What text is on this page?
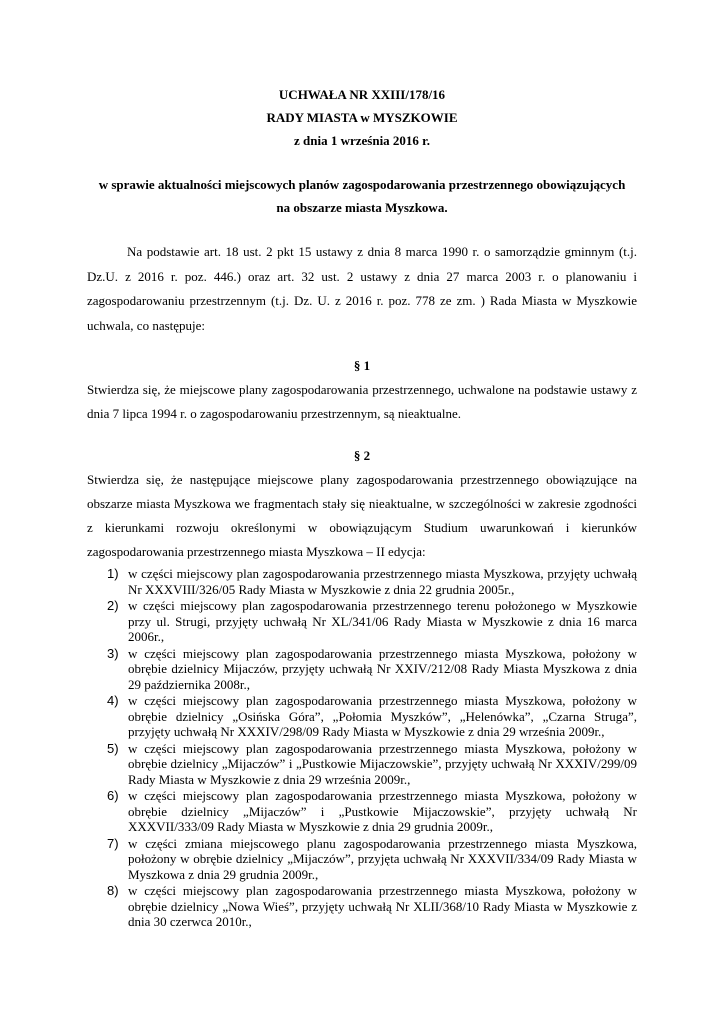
UCHWAŁA NR XXIII/178/16
RADY MIASTA w MYSZKOWIE
z dnia 1 września 2016 r.
w sprawie aktualności miejscowych planów zagospodarowania przestrzennego obowiązujących
na obszarze miasta Myszkowa.
Na podstawie art. 18 ust. 2 pkt 15 ustawy z dnia 8 marca 1990 r. o samorządzie gminnym (t.j. Dz.U. z 2016 r. poz. 446.) oraz art. 32 ust. 2 ustawy z dnia 27 marca 2003 r. o planowaniu i zagospodarowaniu przestrzennym (t.j. Dz. U. z 2016 r. poz. 778 ze zm. ) Rada Miasta w Myszkowie uchwala, co następuje:
§ 1
Stwierdza się, że miejscowe plany zagospodarowania przestrzennego, uchwalone na podstawie ustawy z dnia 7 lipca 1994 r. o zagospodarowaniu przestrzennym, są nieaktualne.
§ 2
Stwierdza się, że następujące miejscowe plany zagospodarowania przestrzennego obowiązujące na obszarze miasta Myszkowa we fragmentach stały się nieaktualne, w szczególności w zakresie zgodności z kierunkami rozwoju określonymi w obowiązującym Studium uwarunkowań i kierunków zagospodarowania przestrzennego miasta Myszkowa – II edycja:
1) w części miejscowy plan zagospodarowania przestrzennego miasta Myszkowa, przyjęty uchwałą Nr XXXVIII/326/05 Rady Miasta w Myszkowie z dnia 22 grudnia 2005r.,
2) w części miejscowy plan zagospodarowania przestrzennego terenu położonego w Myszkowie przy ul. Strugi, przyjęty uchwałą Nr XL/341/06 Rady Miasta w Myszkowie z dnia 16 marca 2006r.,
3) w części miejscowy plan zagospodarowania przestrzennego miasta Myszkowa, położony w obrębie dzielnicy Mijaczów, przyjęty uchwałą Nr XXIV/212/08 Rady Miasta Myszkowa z dnia 29 października 2008r.,
4) w części miejscowy plan zagospodarowania przestrzennego miasta Myszkowa, położony w obrębie dzielnicy „Osińska Góra”, „Połomia Myszków”, „Helenówka”, „Czarna Struga”, przyjęty uchwałą Nr XXXIV/298/09 Rady Miasta w Myszkowie z dnia 29 września 2009r.,
5) w części miejscowy plan zagospodarowania przestrzennego miasta Myszkowa, położony w obrębie dzielnicy „Mijaczów” i „Pustkowie Mijaczowskie”, przyjęty uchwałą Nr XXXIV/299/09 Rady Miasta w Myszkowie z dnia 29 września 2009r.,
6) w części miejscowy plan zagospodarowania przestrzennego miasta Myszkowa, położony w obrębie dzielnicy „Mijaczów” i „Pustkowie Mijaczowskie”, przyjęty uchwałą Nr XXXVII/333/09 Rady Miasta w Myszkowie z dnia 29 grudnia 2009r.,
7) w części zmiana miejscowego planu zagospodarowania przestrzennego miasta Myszkowa, położony w obrębie dzielnicy „Mijaczów”, przyjęta uchwałą Nr XXXVII/334/09 Rady Miasta w Myszkowa z dnia 29 grudnia 2009r.,
8) w części miejscowy plan zagospodarowania przestrzennego miasta Myszkowa, położony w obrębie dzielnicy „Nowa Wieś”, przyjęty uchwałą Nr XLII/368/10 Rady Miasta w Myszkowie z dnia 30 czerwca 2010r.,
